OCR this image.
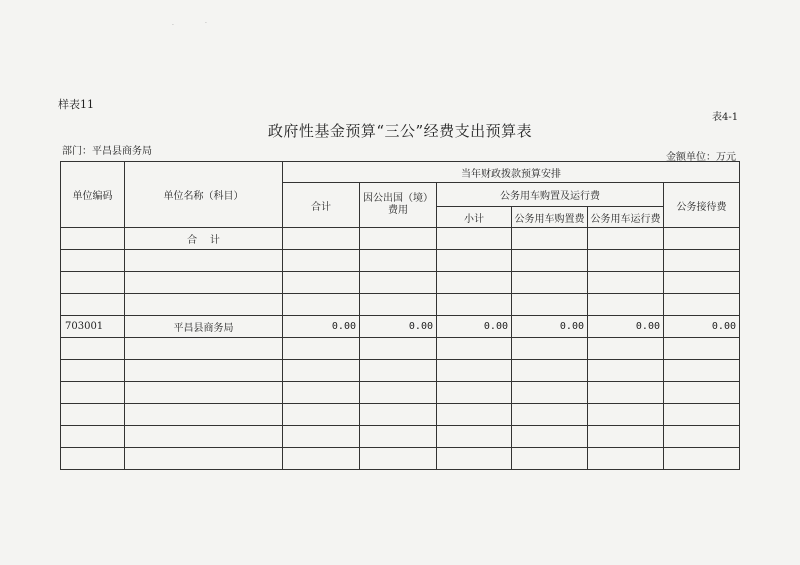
·	·
样表11
表4-1
政府性基金预算“三公”经费支出预算表
部门：平昌县商务局
金额单位：万元
单位编码	单位名称（科目）	当年财政拨款预算安排					
		合计	因公出国（境）费用	公务用车购置及运行费			公务接待费
				小计	公务用车购置费	公务用车运行费	
	合    计						

703001	平昌县商务局	0.00	0.00	0.00	0.00	0.00	0.00
